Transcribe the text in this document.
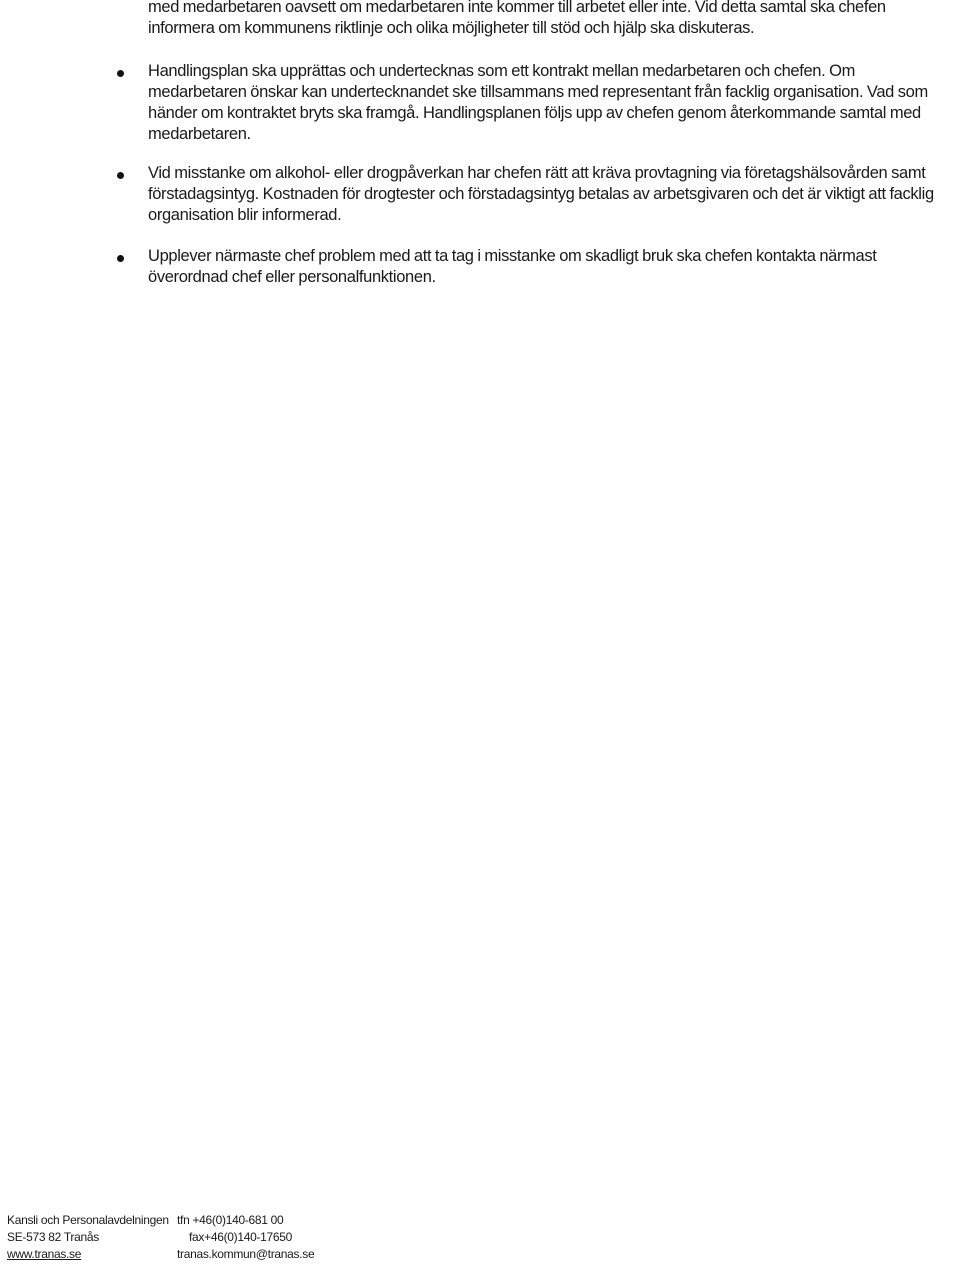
med medarbetaren oavsett om medarbetaren inte kommer till arbetet eller inte. Vid detta samtal ska chefen informera om kommunens riktlinje och olika möjligheter till stöd och hjälp ska diskuteras.
Handlingsplan ska upprättas och undertecknas som ett kontrakt mellan medarbetaren och chefen. Om medarbetaren önskar kan undertecknandet ske tillsammans med representant från facklig organisation. Vad som händer om kontraktet bryts ska framgå. Handlingsplanen följs upp av chefen genom återkommande samtal med medarbetaren.
Vid misstanke om alkohol- eller drogpåverkan har chefen rätt att kräva provtagning via företagshälsovården samt förstadagsintyg. Kostnaden för drogtester och förstadagsintyg betalas av arbetsgivaren och det är viktigt att facklig organisation blir informerad.
Upplever närmaste chef problem med att ta tag i misstanke om skadligt bruk ska chefen kontakta närmast överordnad chef eller personalfunktionen.
Kansli och Personalavdelningen
SE-573 82 Tranås
www.tranas.se
tfn +46(0)140-681 00
fax+46(0)140-17650
tranas.kommun@tranas.se
